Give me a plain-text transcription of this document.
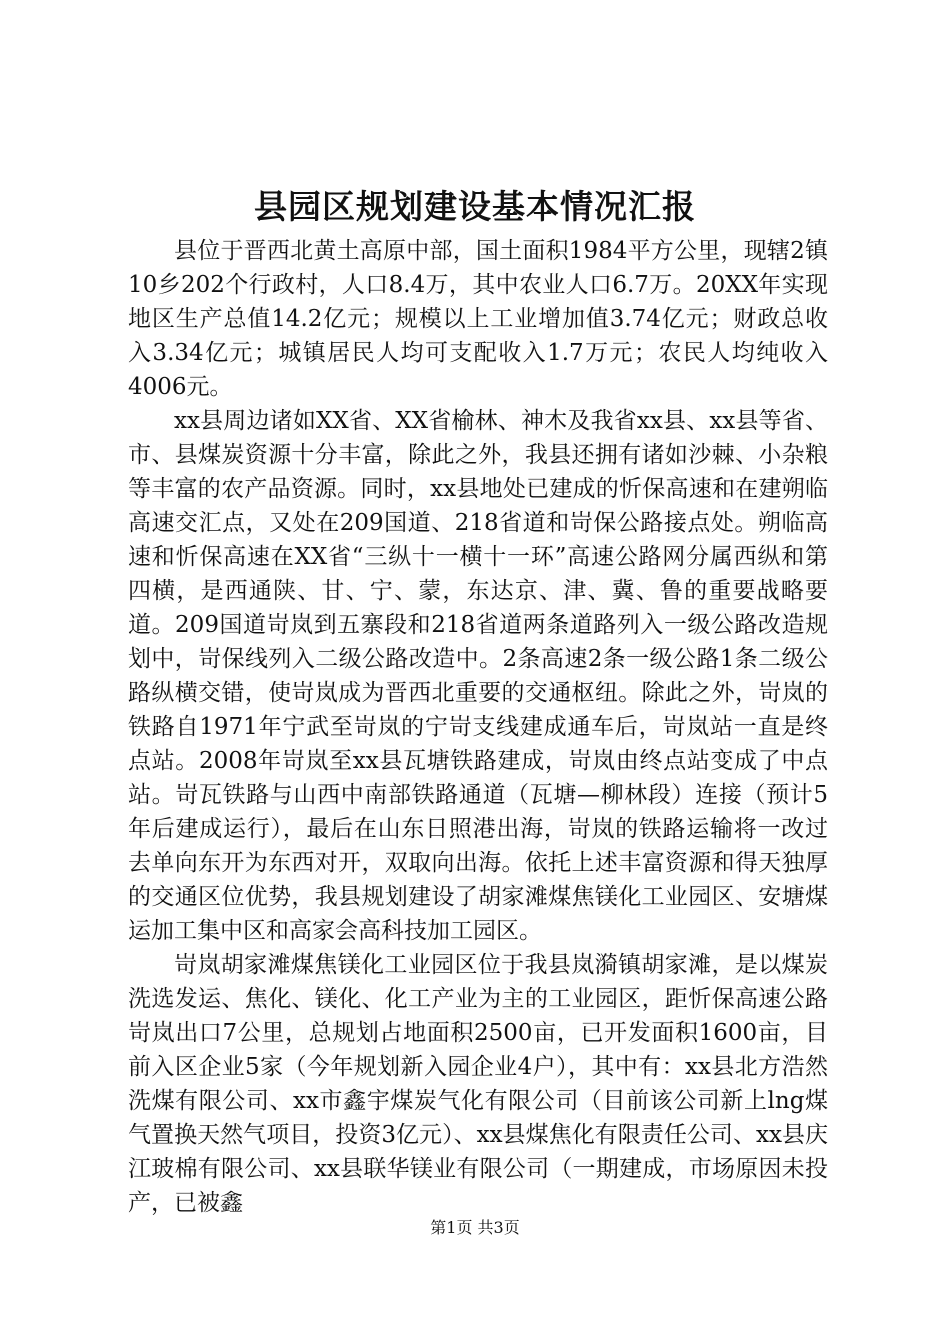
县园区规划建设基本情况汇报

县位于晋西北黄土高原中部，国土面积1984平方公里，现辖2镇10乡202个行政村，人口8.4万，其中农业人口6.7万。20XX年实现地区生产总值14.2亿元；规模以上工业增加值3.74亿元；财政总收入3.34亿元；城镇居民人均可支配收入1.7万元；农民人均纯收入4006元。

xx县周边诸如XX省、XX省榆林、神木及我省xx县、xx县等省、市、县煤炭资源十分丰富，除此之外，我县还拥有诸如沙棘、小杂粮等丰富的农产品资源。同时，xx县地处已建成的忻保高速和在建朔临高速交汇点，又处在209国道、218省道和岢保公路接点处。朔临高速和忻保高速在XX省“三纵十一横十一环”高速公路网分属西纵和第四横，是西通陕、甘、宁、蒙，东达京、津、冀、鲁的重要战略要道。209国道岢岚到五寨段和218省道两条道路列入一级公路改造规划中，岢保线列入二级公路改造中。2条高速2条一级公路1条二级公路纵横交错，使岢岚成为晋西北重要的交通枢纽。除此之外，岢岚的铁路自1971年宁武至岢岚的宁岢支线建成通车后，岢岚站一直是终点站。2008年岢岚至xx县瓦塘铁路建成，岢岚由终点站变成了中点站。岢瓦铁路与山西中南部铁路通道（瓦塘—柳林段）连接（预计5年后建成运行），最后在山东日照港出海，岢岚的铁路运输将一改过去单向东开为东西对开，双取向出海。依托上述丰富资源和得天独厚的交通区位优势，我县规划建设了胡家滩煤焦镁化工业园区、安塘煤运加工集中区和高家会高科技加工园区。

岢岚胡家滩煤焦镁化工业园区位于我县岚漪镇胡家滩，是以煤炭洗选发运、焦化、镁化、化工产业为主的工业园区，距忻保高速公路岢岚出口7公里，总规划占地面积2500亩，已开发面积1600亩，目前入区企业5家（今年规划新入园企业4户），其中有：xx县北方浩然洗煤有限公司、xx市鑫宇煤炭气化有限公司（目前该公司新上lng煤气置换天然气项目，投资3亿元）、xx县煤焦化有限责任公司、xx县庆江玻棉有限公司、xx县联华镁业有限公司（一期建成，市场原因未投产，已被鑫

第1页 共3页
